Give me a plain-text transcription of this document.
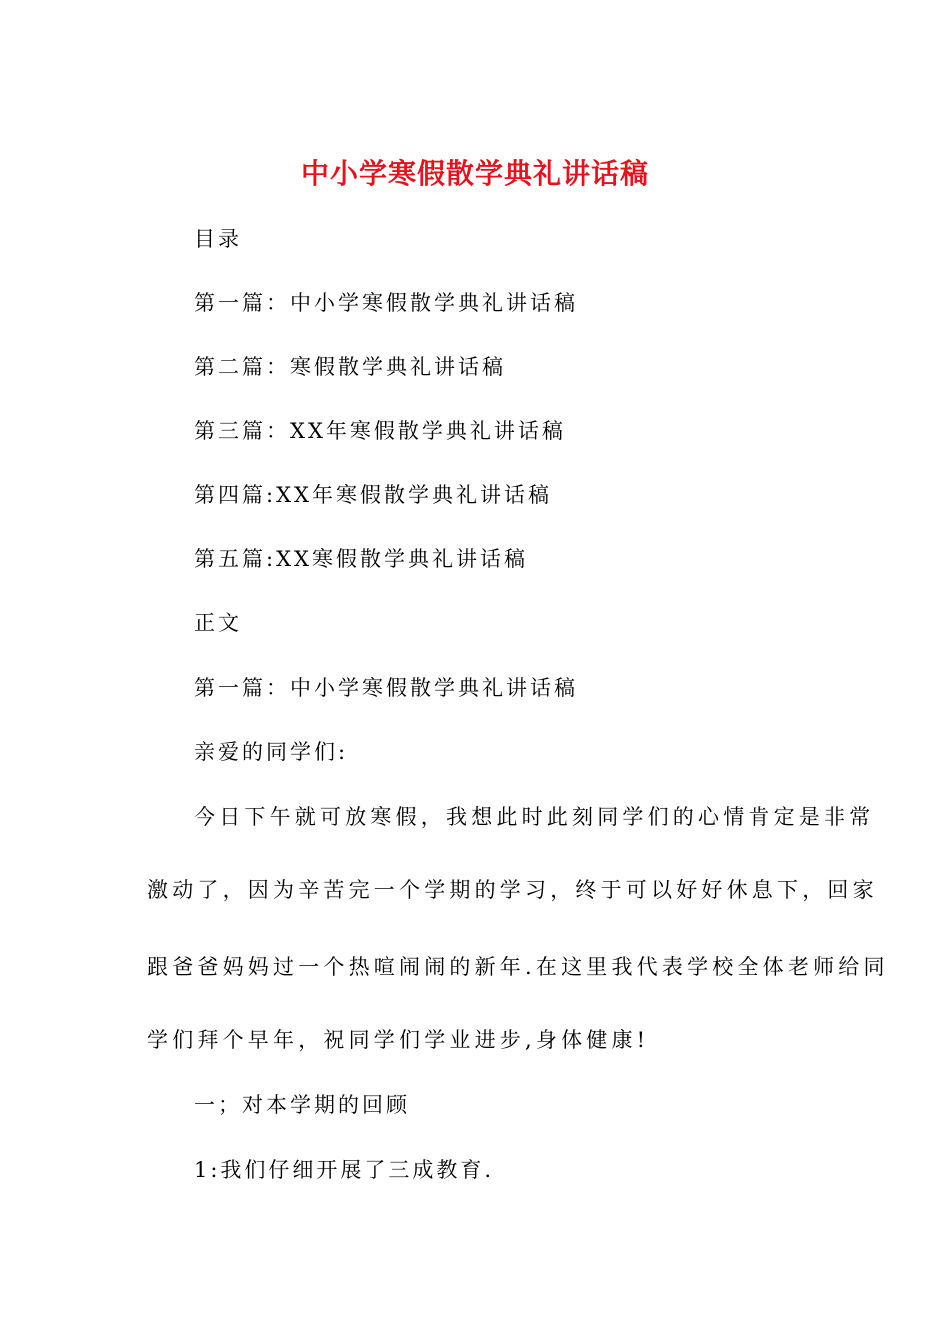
中小学寒假散学典礼讲话稿
目录
第一篇：中小学寒假散学典礼讲话稿
第二篇：寒假散学典礼讲话稿
第三篇：XX年寒假散学典礼讲话稿
第四篇:XX年寒假散学典礼讲话稿
第五篇:XX寒假散学典礼讲话稿
正文
第一篇：中小学寒假散学典礼讲话稿
亲爱的同学们:
今日下午就可放寒假，我想此时此刻同学们的心情肯定是非常
激动了，因为辛苦完一个学期的学习，终于可以好好休息下，回家
跟爸爸妈妈过一个热喧闹闹的新年.在这里我代表学校全体老师给同
学们拜个早年，祝同学们学业进步,身体健康!
一；对本学期的回顾
1:我们仔细开展了三成教育.
